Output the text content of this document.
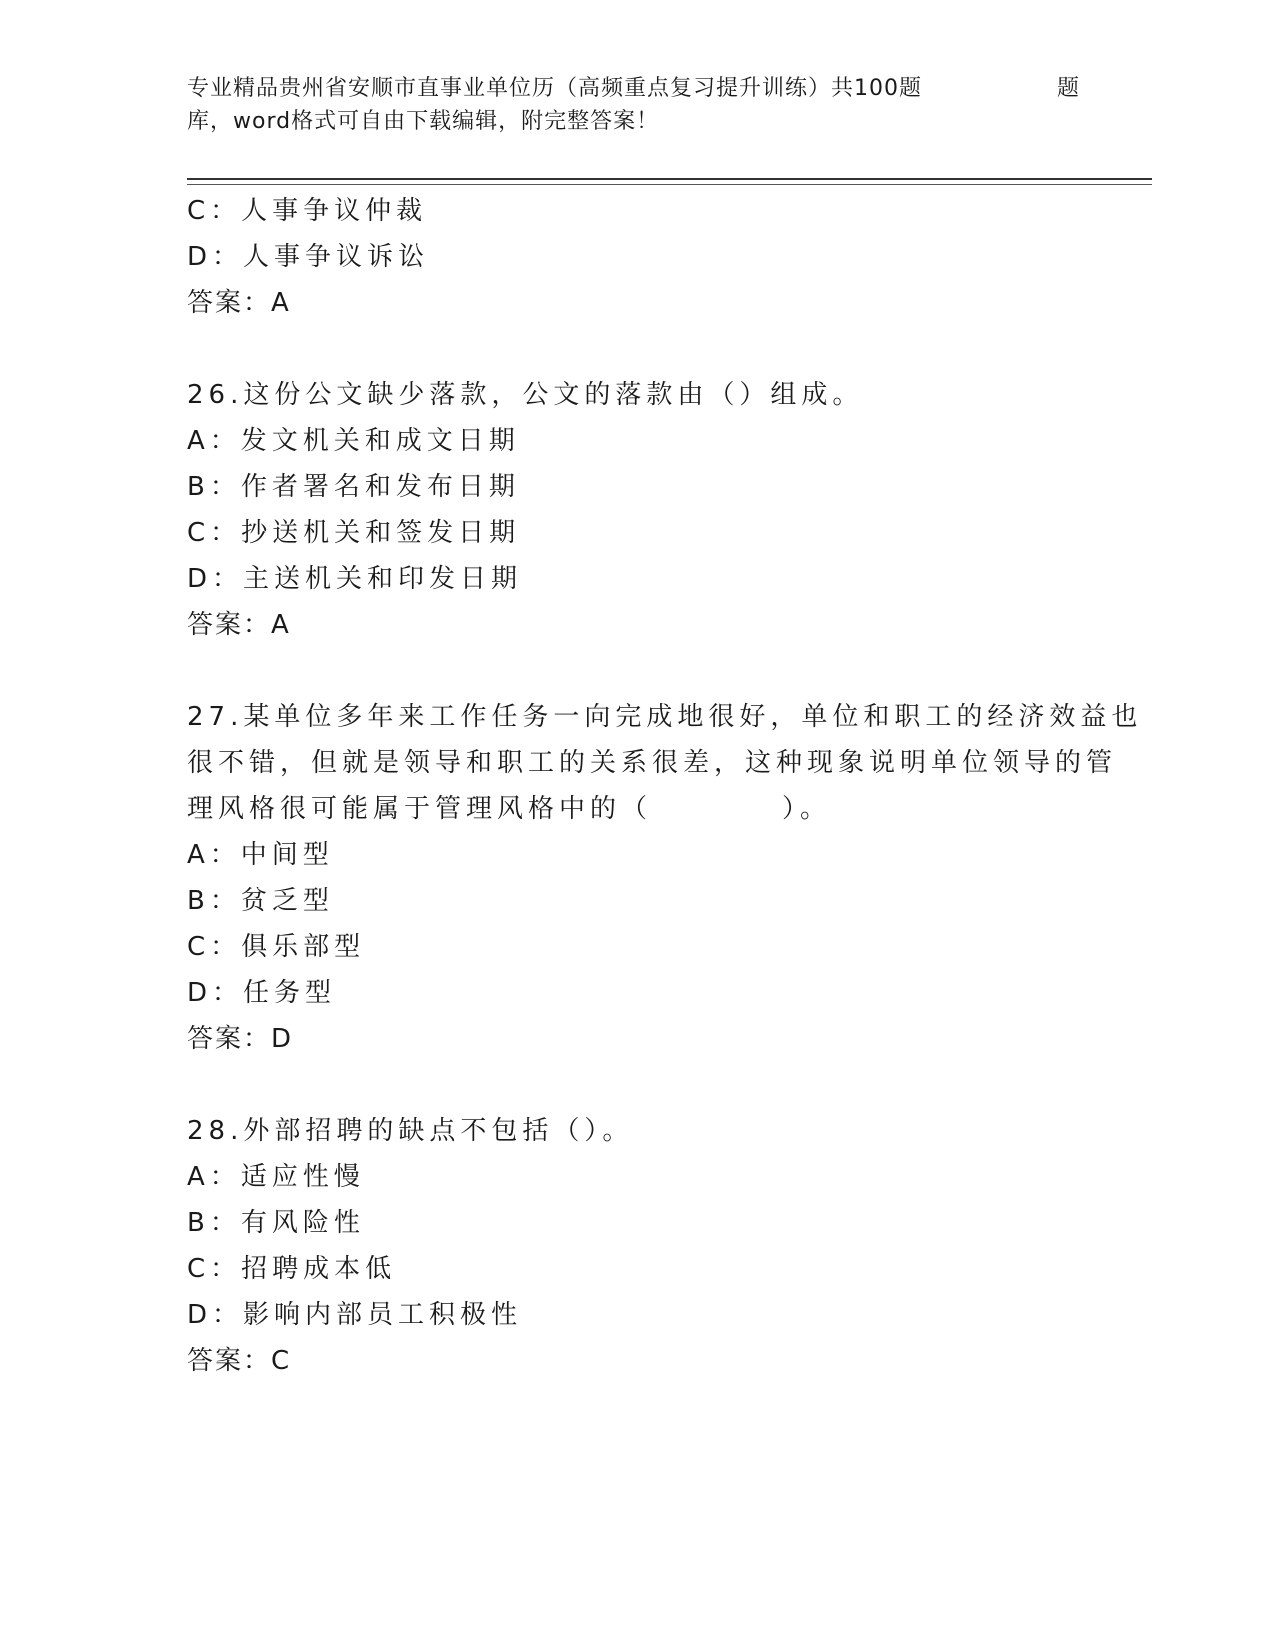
专业精品贵州省安顺市直事业单位历（高频重点复习提升训练）共100题	题
库，word格式可自由下载编辑，附完整答案！
C：人事争议仲裁
D：人事争议诉讼
答案：A
26.这份公文缺少落款，公文的落款由（）组成。
A：发文机关和成文日期
B：作者署名和发布日期
C：抄送机关和签发日期
D：主送机关和印发日期
答案：A
27.某单位多年来工作任务一向完成地很好，单位和职工的经济效益也
很不错，但就是领导和职工的关系很差，这种现象说明单位领导的管
理风格很可能属于管理风格中的（	）。
A：中间型
B：贫乏型
C：俱乐部型
D：任务型
答案：D
28.外部招聘的缺点不包括（）。
A：适应性慢
B：有风险性
C：招聘成本低
D：影响内部员工积极性
答案：C
